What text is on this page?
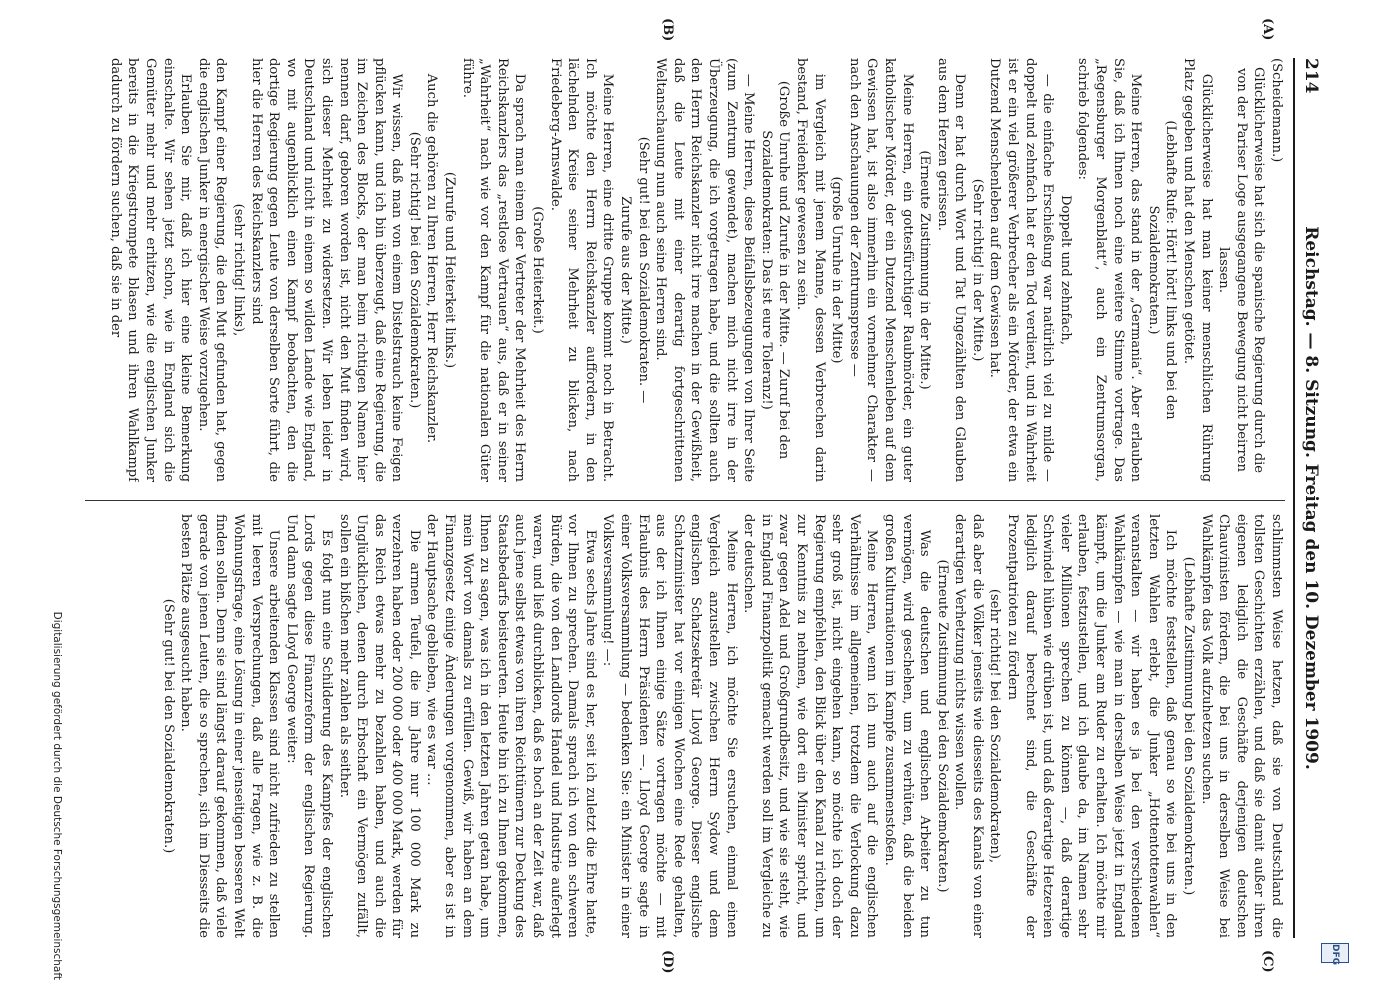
DFG
214
Reichstag. — 8. Sitzung. Freitag den 10. Dezember 1909.
(A)
(B)
(C)
(D)

(Scheidemann.)

Glücklicherweise hat sich die spanische Regierung durch die von der Pariser Loge ausgegangene Bewegung nicht beirren lassen.

Glücklicherweise hat man keiner menschlichen Rührung Platz gegeben und hat den Menschen getötet.

(Lebhafte Rufe: Hört! hört! links und bei den Sozialdemokraten.)

Meine Herren, das stand in der „Germania“. Aber erlauben Sie, daß ich Ihnen noch eine weitere Stimme vortrage. Das „Regensburger Morgenblatt“, auch ein Zentrumsorgan, schrieb folgendes:

Doppelt und zehnfach,

— die einfache Erschießung war natürlich viel zu milde — doppelt und zehnfach hat er den Tod verdient, und in Wahrheit ist er ein viel größerer Verbrecher als ein Mörder, der etwa ein Dutzend Menschenleben auf dem Gewissen hat.

(Sehr richtig! in der Mitte.)

Denn er hat durch Wort und Tat Ungezählten den Glauben aus dem Herzen gerissen.

(Erneute Zustimmung in der Mitte.)

Meine Herren, ein gottesfürchtiger Raubmörder, ein guter katholischer Mörder, der ein Dutzend Menschenleben auf dem Gewissen hat, ist also immerhin ein vornehmer Charakter — nach den Anschauungen der Zentrumspresse —

(große Unruhe in der Mitte)

im Vergleich mit jenem Manne, dessen Verbrechen darin bestand, Freidenker gewesen zu sein.

(Große Unruhe und Zurufe in der Mitte. — Zuruf bei den Sozialdemokraten: Das ist eure Toleranz!)

— Meine Herren, diese Beifallsbezeugungen von Ihrer Seite (zum Zentrum gewendet), machen mich nicht irre in der Überzeugung, die ich vorgetragen habe, und die sollten auch den Herrn Reichskanzler nicht irre machen in der Gewißheit, daß die Leute mit einer derartig fortgeschrittenen Weltanschauung nun auch seine Herren sind.

(Sehr gut! bei den Sozialdemokraten. —

Zurufe aus der Mitte.)

Meine Herren, eine dritte Gruppe kommt noch in Betracht. Ich möchte den Herrn Reichskanzler auffordern, in den lächelnden Kreise seiner Mehrheit zu blicken, nach Friedeberg-Arnswalde.

(Große Heiterkeit.)

Da sprach man einem der Vertreter der Mehrheit des Herrn Reichskanzlers das „restlose Vertrauen“ aus, daß er in seiner „Wahrheit“ nach wie vor den Kampf für die nationalen Güter führe.

(Zurufe und Heiterkeit links.)

Auch die gehören zu Ihren Herren, Herr Reichskanzler.

(Sehr richtig! bei den Sozialdemokraten.)

Wir wissen, daß man von einem Distelstrauch keine Feigen pflücken kann, und ich bin überzeugt, daß eine Regierung, die im Zeichen des Blocks, der man beim richtigen Namen hier nennen darf, geboren worden ist, nicht den Mut finden wird, sich dieser Mehrheit zu widersetzen. Wir leben leider in Deutschland und nicht in einem so wilden Lande wie England, wo mit augenblicklich einen Kampf beobachten, den die dortige Regierung gegen Leute von derselben Sorte führt, die hier die Herren des Reichskanzlers sind

(sehr richtig! links),

den Kampf einer Regierung, die den Mut gefunden hat, gegen die englischen Junker in energischer Weise vorzugehen.

Erlauben Sie mir, daß ich hier eine kleine Bemerkung einschalte. Wir sehen jetzt schon, wie in England sich die Gemüter mehr und mehr erhitzen, wie die englischen Junker bereits in die Kriegstrompete blasen und ihren Wahlkampf dadurch zu fördern suchen, daß sie in der

schlimmsten Weise hetzen, daß sie von Deutschland die tollsten Geschichten erzählen, und daß sie damit außer ihren eigenen lediglich die Geschäfte derjenigen deutschen Chauvinisten fördern, die bei uns in derselben Weise bei Wahlkämpfen das Volk aufzuhetzen suchen.

(Lebhafte Zustimmung bei den Sozialdemokraten.)

Ich möchte feststellen, daß genau so wie bei uns in den letzten Wahlen erlebt, die Junker „Hottentottenwahlen“ veranstalten — wir haben es ja bei den verschiedenen Wahlkämpfen — wie man in derselben Weise jetzt in England kämpft, um die Junker am Ruder zu erhalten. Ich möchte mir erlauben, festzustellen, und ich glaube da, im Namen sehr vieler Millionen sprechen zu können —, daß derartige Schwindel hüben wie drüben ist, und daß derartige Hetzereien lediglich darauf berechnet sind, die Geschäfte der Prozentpatrioten zu fördern

(sehr richtig! bei den Sozialdemokraten),

daß aber die Völker jenseits wie diesseits des Kanals von einer derartigen Verhetzung nichts wissen wollen.

(Erneute Zustimmung bei den Sozialdemokraten.)

Was die deutschen und englischen Arbeiter zu tun vermögen, wird geschehen, um zu verhüten, daß die beiden großen Kulturnationen im Kampfe zusammenstoßen.

Meine Herren, wenn ich nun auch auf die englischen Verhältnisse im allgemeinen, trotzdem die Verlockung dazu sehr groß ist, nicht eingehen kann, so möchte ich doch der Regierung empfehlen, den Blick über den Kanal zu richten, um zur Kenntnis zu nehmen, wie dort ein Minister spricht, und zwar gegen Adel und Großgrundbesitz, und wie sie steht, wie in England Finanzpolitik gemacht werden soll im Vergleiche zu der deutschen.

Meine Herren, ich möchte Sie ersuchen, einmal einen Vergleich anzustellen zwischen Herrn Sydow und dem englischen Schatzsekretär Lloyd George. Dieser englische Schatzminister hat vor einigen Wochen eine Rede gehalten, aus der ich Ihnen einige Sätze vortragen möchte — mit Erlaubnis des Herrn Präsidenten —. Lloyd George sagte in einer Volksversammlung — bedenken Sie: ein Minister in einer Volksversammlung! —:

Etwa sechs Jahre sind es her, seit ich zuletzt die Ehre hatte, vor Ihnen zu sprechen. Damals sprach ich von den schweren Bürden, die von den Landlords Handel und Industrie auferlegt waren, und ließ durchblicken, daß es hoch an der Zeit war, daß auch jene selbst etwas von ihren Reichtümern zur Deckung des Staatsbedarfs beisteuerten. Heute bin ich zu Ihnen gekommen, Ihnen zu sagen, was ich in den letzten Jahren getan habe, um mein Wort von damals zu erfüllen. Gewiß, wir haben an dem Finanzgesetz einige Änderungen vorgenommen, aber es ist in der Hauptsache geblieben, wie es war ...

Die armen Teufel, die im Jahre nur 100 000 Mark zu verzehren haben oder 200 000 oder 400 000 Mark, werden für das Reich etwas mehr zu bezahlen haben, und auch die Unglücklichen, denen durch Erbschaft ein Vermögen zufällt, sollen ein bißchen mehr zahlen als seither.

Es folgt nun eine Schilderung des Kampfes der englischen Lords gegen diese Finanzreform der englischen Regierung. Und dann sagte Lloyd George weiter:

Unsere arbeitenden Klassen sind nicht zufrieden zu stellen mit leeren Versprechungen, daß alle Fragen, wie z. B. die Wohnungsfrage, eine Lösung in einer jenseitigen besseren Welt finden sollen. Denn sie sind längst darauf gekommen, daß viele gerade von jenen Leuten, die so sprechen, sich im Diesseits die besten Plätze ausgesucht haben.

(Sehr gut! bei den Sozialdemokraten.)

Digitalisierung gefördert durch die Deutsche Forschungsgemeinschaft
